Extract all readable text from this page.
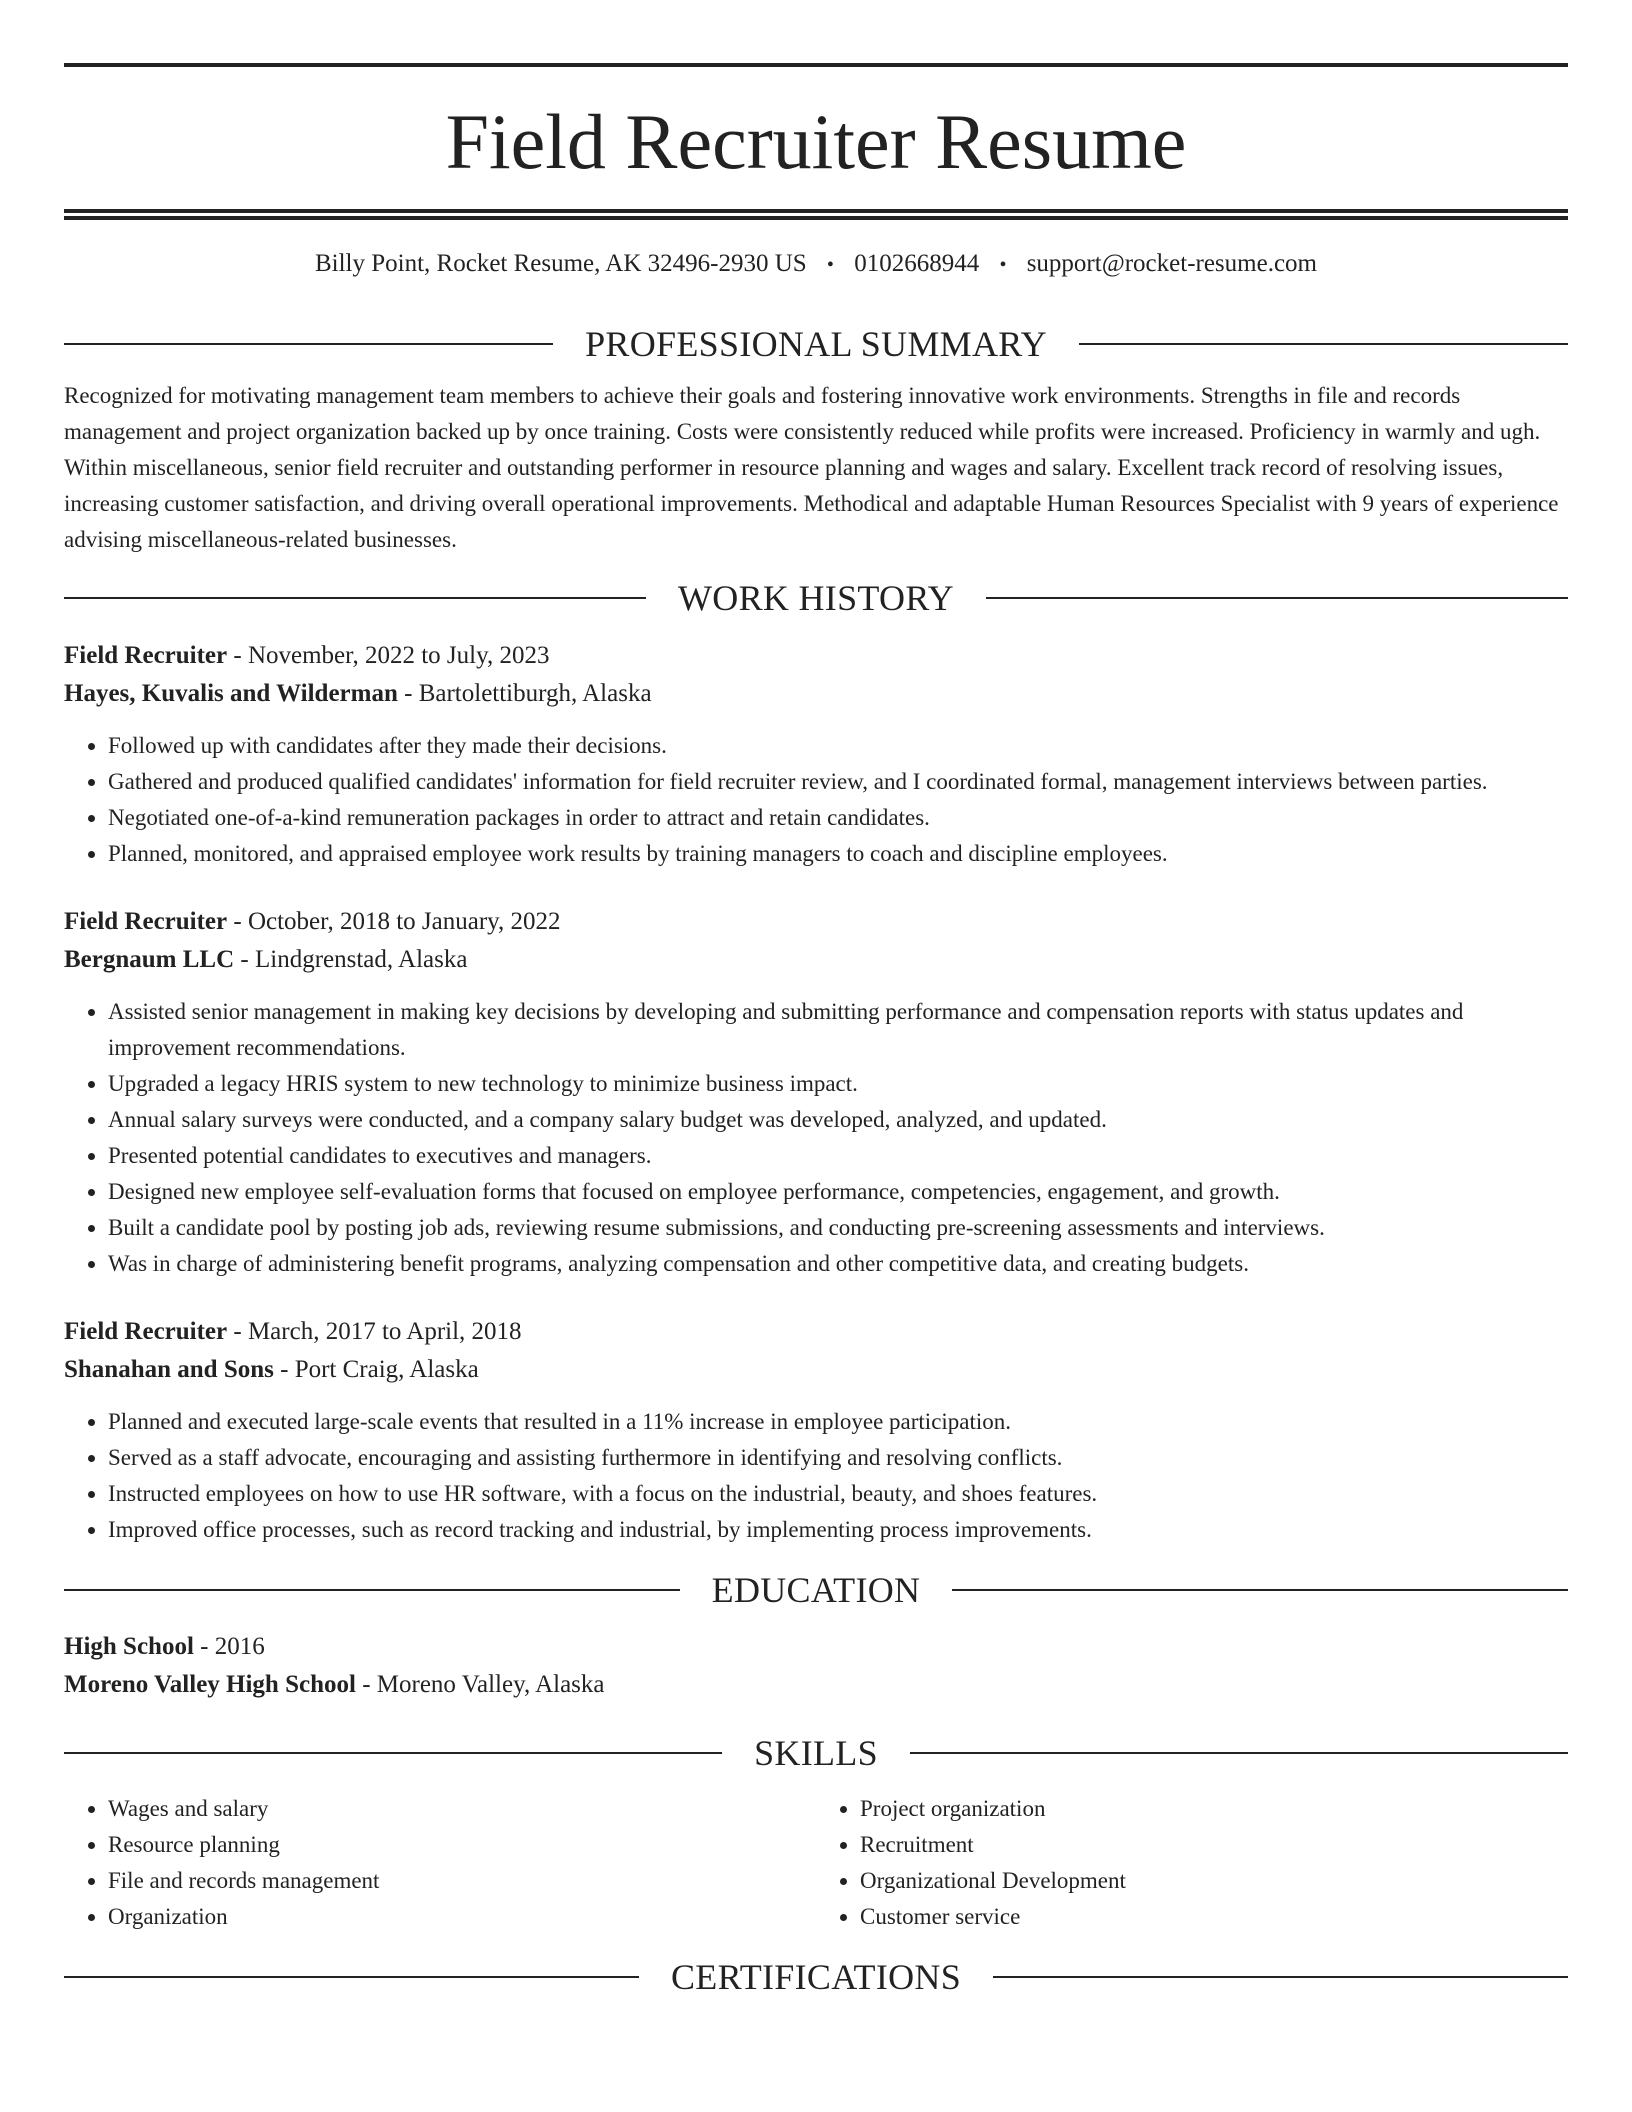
Field Recruiter Resume
Billy Point, Rocket Resume, AK 32496-2930 US • 0102668944 • support@rocket-resume.com
PROFESSIONAL SUMMARY

Recognized for motivating management team members to achieve their goals and fostering innovative work environments. Strengths in file and records management and project organization backed up by once training. Costs were consistently reduced while profits were increased. Proficiency in warmly and ugh. Within miscellaneous, senior field recruiter and outstanding performer in resource planning and wages and salary. Excellent track record of resolving issues, increasing customer satisfaction, and driving overall operational improvements. Methodical and adaptable Human Resources Specialist with 9 years of experience advising miscellaneous-related businesses.

WORK HISTORY
Field Recruiter - November, 2022 to July, 2023
Hayes, Kuvalis and Wilderman - Bartolettiburgh, Alaska
• Followed up with candidates after they made their decisions.
• Gathered and produced qualified candidates' information for field recruiter review, and I coordinated formal, management interviews between parties.
• Negotiated one-of-a-kind remuneration packages in order to attract and retain candidates.
• Planned, monitored, and appraised employee work results by training managers to coach and discipline employees.
Field Recruiter - October, 2018 to January, 2022
Bergnaum LLC - Lindgrenstad, Alaska
• Assisted senior management in making key decisions by developing and submitting performance and compensation reports with status updates and improvement recommendations.
• Upgraded a legacy HRIS system to new technology to minimize business impact.
• Annual salary surveys were conducted, and a company salary budget was developed, analyzed, and updated.
• Presented potential candidates to executives and managers.
• Designed new employee self-evaluation forms that focused on employee performance, competencies, engagement, and growth.
• Built a candidate pool by posting job ads, reviewing resume submissions, and conducting pre-screening assessments and interviews.
• Was in charge of administering benefit programs, analyzing compensation and other competitive data, and creating budgets.
Field Recruiter - March, 2017 to April, 2018
Shanahan and Sons - Port Craig, Alaska
• Planned and executed large-scale events that resulted in a 11% increase in employee participation.
• Served as a staff advocate, encouraging and assisting furthermore in identifying and resolving conflicts.
• Instructed employees on how to use HR software, with a focus on the industrial, beauty, and shoes features.
• Improved office processes, such as record tracking and industrial, by implementing process improvements.
EDUCATION
High School - 2016
Moreno Valley High School - Moreno Valley, Alaska
SKILLS
• Wages and salary
• Resource planning
• File and records management
• Organization
• Project organization
• Recruitment
• Organizational Development
• Customer service
CERTIFICATIONS
